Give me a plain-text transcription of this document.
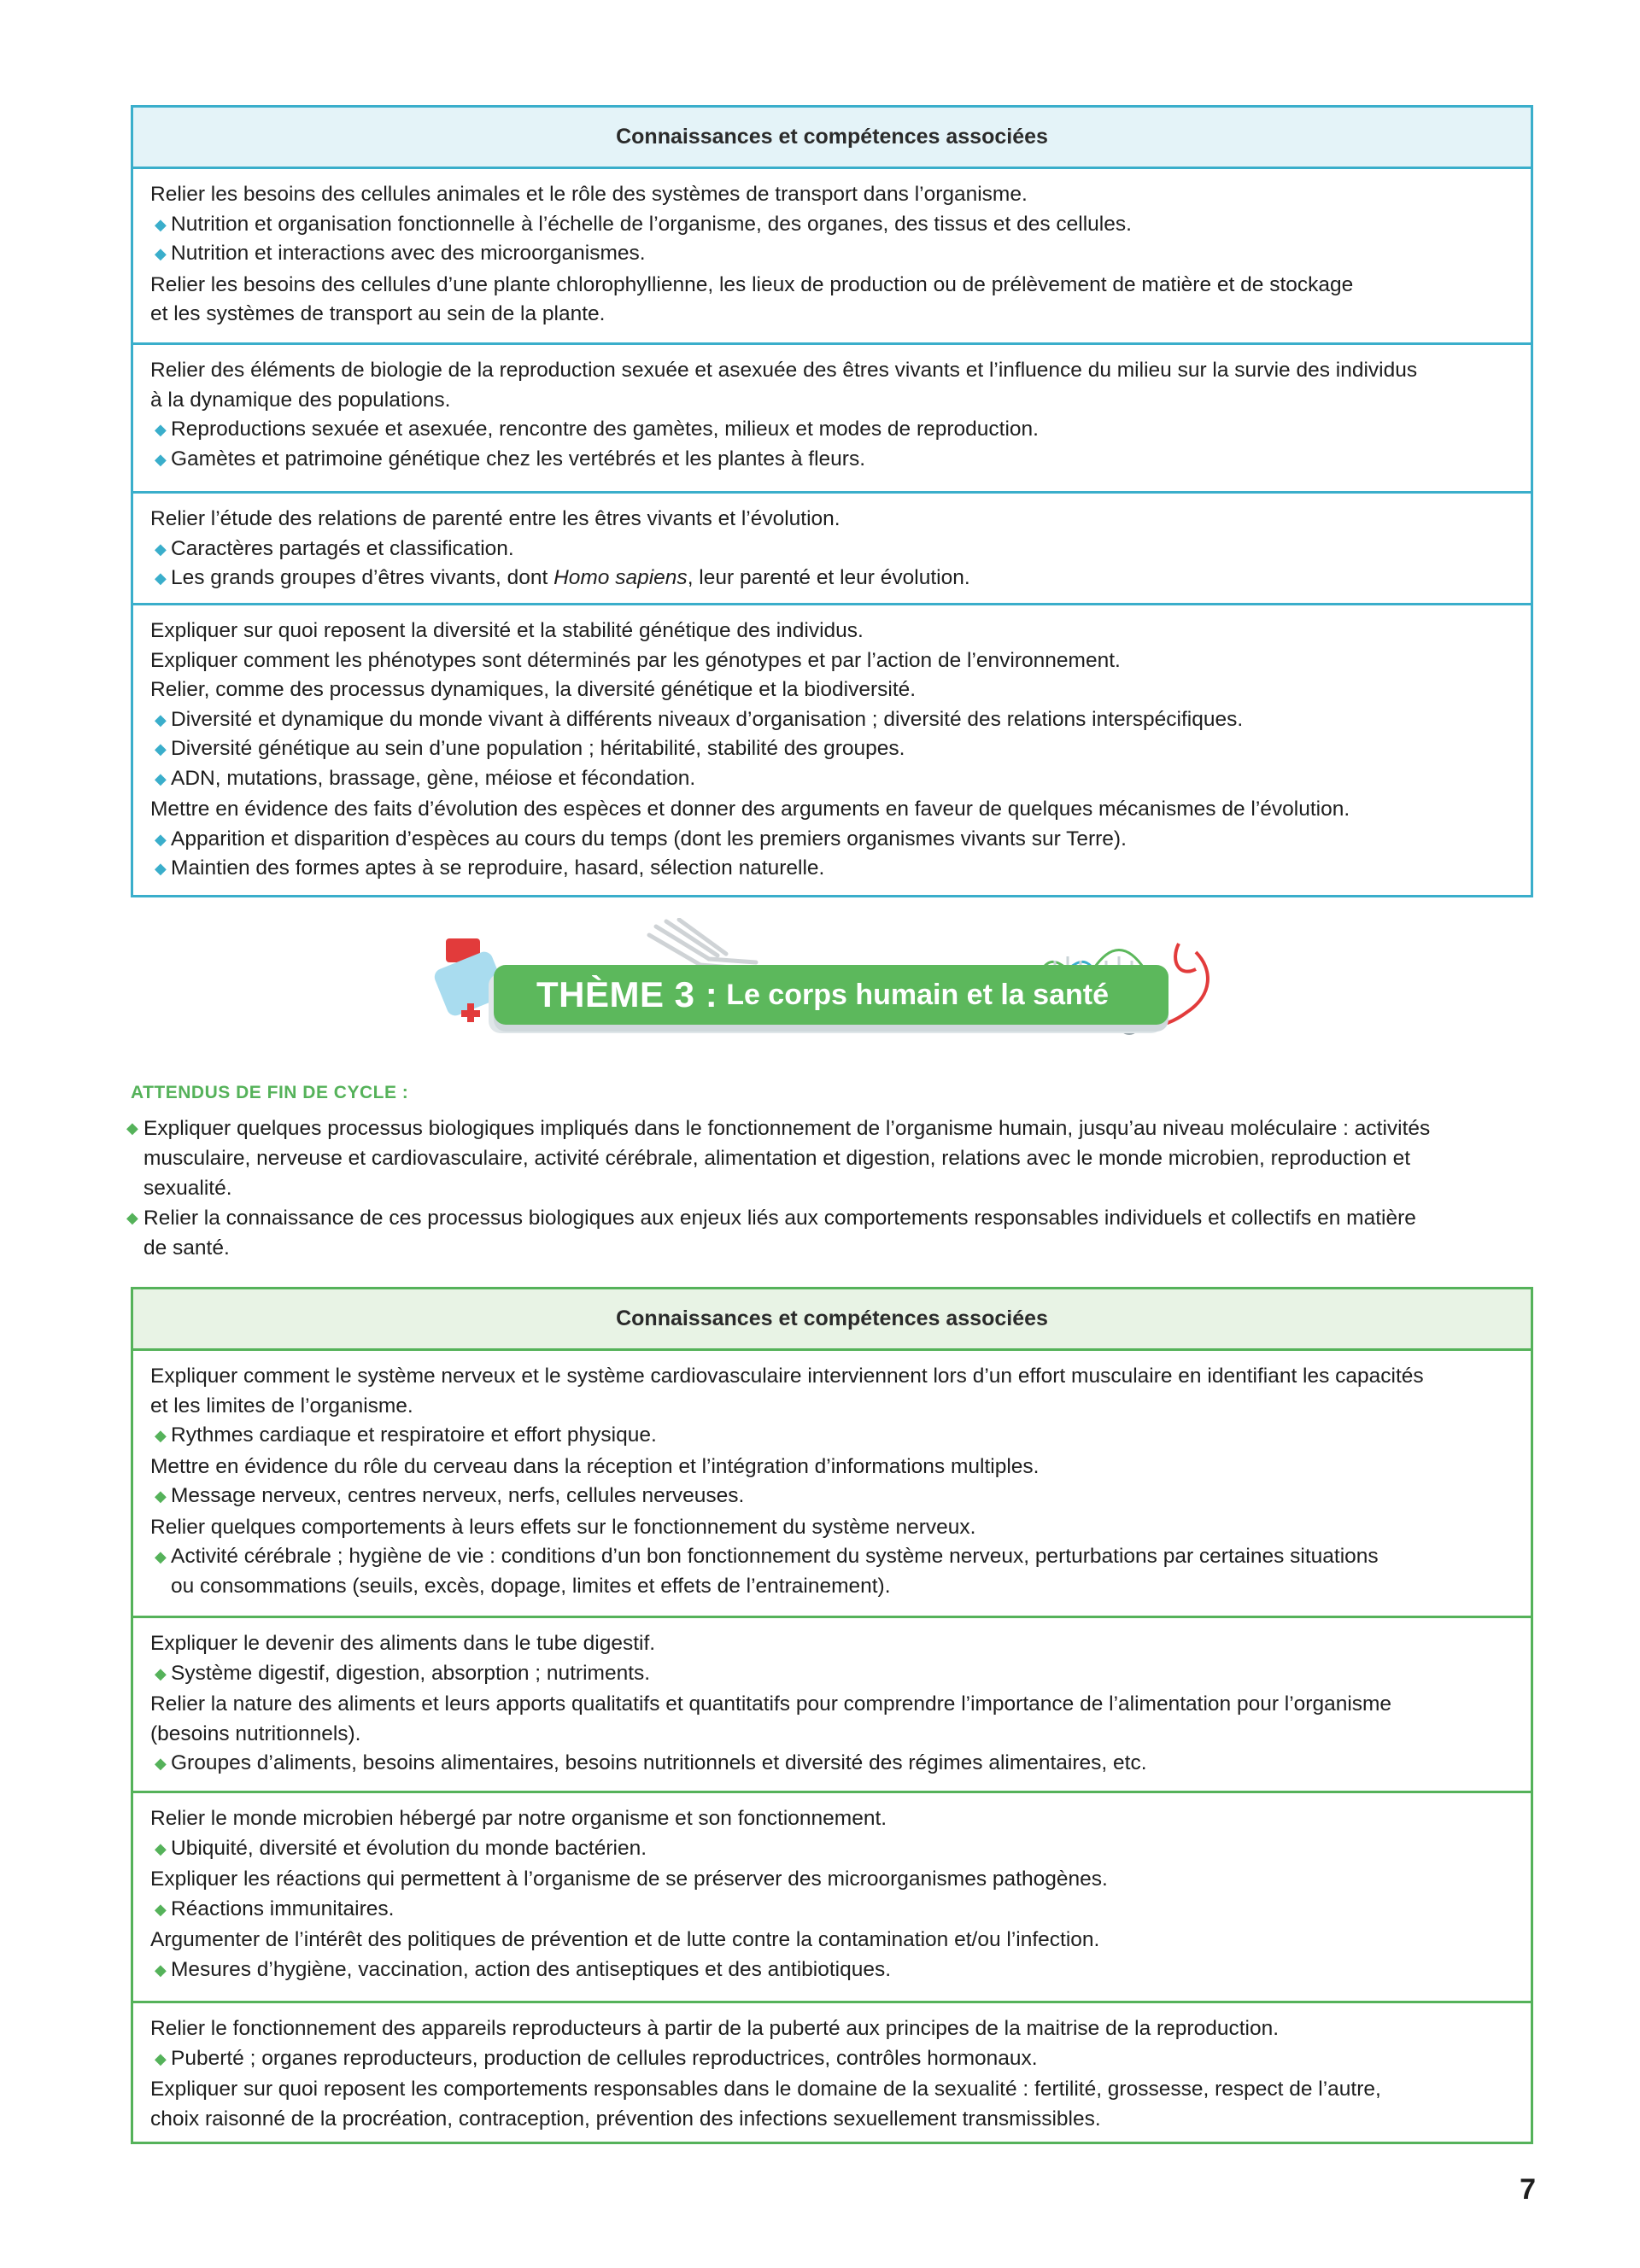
Connaissances et compétences associées
Relier les besoins des cellules animales et le rôle des systèmes de transport dans l’organisme.
◆ Nutrition et organisation fonctionnelle à l’échelle de l’organisme, des organes, des tissus et des cellules.
◆ Nutrition et interactions avec des microorganismes.
Relier les besoins des cellules d’une plante chlorophyllienne, les lieux de production ou de prélèvement de matière et de stockage
et les systèmes de transport au sein de la plante.
Relier des éléments de biologie de la reproduction sexuée et asexuée des êtres vivants et l’influence du milieu sur la survie des individus
à la dynamique des populations.
◆ Reproductions sexuée et asexuée, rencontre des gamètes, milieux et modes de reproduction.
◆ Gamètes et patrimoine génétique chez les vertébrés et les plantes à fleurs.
Relier l’étude des relations de parenté entre les êtres vivants et l’évolution.
◆ Caractères partagés et classification.
◆ Les grands groupes d’êtres vivants, dont Homo sapiens, leur parenté et leur évolution.
Expliquer sur quoi reposent la diversité et la stabilité génétique des individus.
Expliquer comment les phénotypes sont déterminés par les génotypes et par l’action de l’environnement.
Relier, comme des processus dynamiques, la diversité génétique et la biodiversité.
◆ Diversité et dynamique du monde vivant à différents niveaux d’organisation ; diversité des relations interspécifiques.
◆ Diversité génétique au sein d’une population ; héritabilité, stabilité des groupes.
◆ ADN, mutations, brassage, gène, méiose et fécondation.
Mettre en évidence des faits d’évolution des espèces et donner des arguments en faveur de quelques mécanismes de l’évolution.
◆ Apparition et disparition d’espèces au cours du temps (dont les premiers organismes vivants sur Terre).
◆ Maintien des formes aptes à se reproduire, hasard, sélection naturelle.
THÈME 3 : Le corps humain et la santé
ATTENDUS DE FIN DE CYCLE :
◆ Expliquer quelques processus biologiques impliqués dans le fonctionnement de l’organisme humain, jusqu’au niveau moléculaire : activités
musculaire, nerveuse et cardiovasculaire, activité cérébrale, alimentation et digestion, relations avec le monde microbien, reproduction et
sexualité.
◆ Relier la connaissance de ces processus biologiques aux enjeux liés aux comportements responsables individuels et collectifs en matière
de santé.
Connaissances et compétences associées
Expliquer comment le système nerveux et le système cardiovasculaire interviennent lors d’un effort musculaire en identifiant les capacités
et les limites de l’organisme.
◆ Rythmes cardiaque et respiratoire et effort physique.
Mettre en évidence du rôle du cerveau dans la réception et l’intégration d’informations multiples.
◆ Message nerveux, centres nerveux, nerfs, cellules nerveuses.
Relier quelques comportements à leurs effets sur le fonctionnement du système nerveux.
◆ Activité cérébrale ; hygiène de vie : conditions d’un bon fonctionnement du système nerveux, perturbations par certaines situations
ou consommations (seuils, excès, dopage, limites et effets de l’entrainement).
Expliquer le devenir des aliments dans le tube digestif.
◆ Système digestif, digestion, absorption ; nutriments.
Relier la nature des aliments et leurs apports qualitatifs et quantitatifs pour comprendre l’importance de l’alimentation pour l’organisme
(besoins nutritionnels).
◆ Groupes d’aliments, besoins alimentaires, besoins nutritionnels et diversité des régimes alimentaires, etc.
Relier le monde microbien hébergé par notre organisme et son fonctionnement.
◆ Ubiquité, diversité et évolution du monde bactérien.
Expliquer les réactions qui permettent à l’organisme de se préserver des microorganismes pathogènes.
◆ Réactions immunitaires.
Argumenter de l’intérêt des politiques de prévention et de lutte contre la contamination et/ou l’infection.
◆ Mesures d’hygiène, vaccination, action des antiseptiques et des antibiotiques.
Relier le fonctionnement des appareils reproducteurs à partir de la puberté aux principes de la maitrise de la reproduction.
◆ Puberté ; organes reproducteurs, production de cellules reproductrices, contrôles hormonaux.
Expliquer sur quoi reposent les comportements responsables dans le domaine de la sexualité : fertilité, grossesse, respect de l’autre,
choix raisonné de la procréation, contraception, prévention des infections sexuellement transmissibles.
7
